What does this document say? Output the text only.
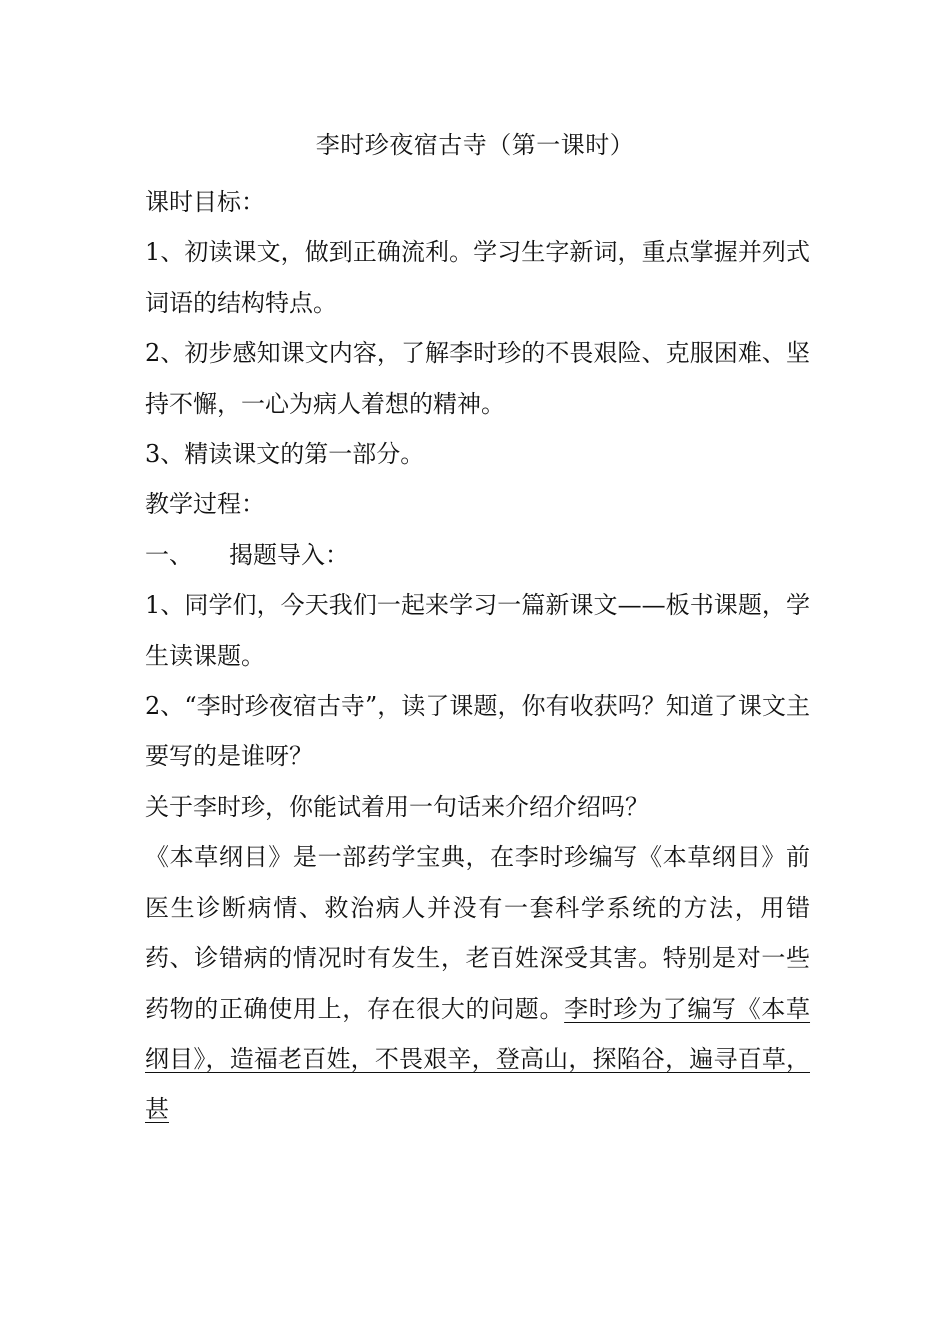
李时珍夜宿古寺（第一课时）

课时目标：

1、初读课文，做到正确流利。学习生字新词，重点掌握并列式词语的结构特点。

2、初步感知课文内容，了解李时珍的不畏艰险、克服困难、坚持不懈，一心为病人着想的精神。

3、精读课文的第一部分。

教学过程：

一、 揭题导入：

1、同学们，今天我们一起来学习一篇新课文——板书课题，学生读课题。

2、“李时珍夜宿古寺”，读了课题，你有收获吗？知道了课文主要写的是谁呀？

关于李时珍，你能试着用一句话来介绍介绍吗？

《本草纲目》是一部药学宝典，在李时珍编写《本草纲目》前医生诊断病情、救治病人并没有一套科学系统的方法，用错药、诊错病的情况时有发生，老百姓深受其害。特别是对一些药物的正确使用上，存在很大的问题。李时珍为了编写《本草纲目》，造福老百姓，不畏艰辛，登高山，探陷谷，遍寻百草，甚
